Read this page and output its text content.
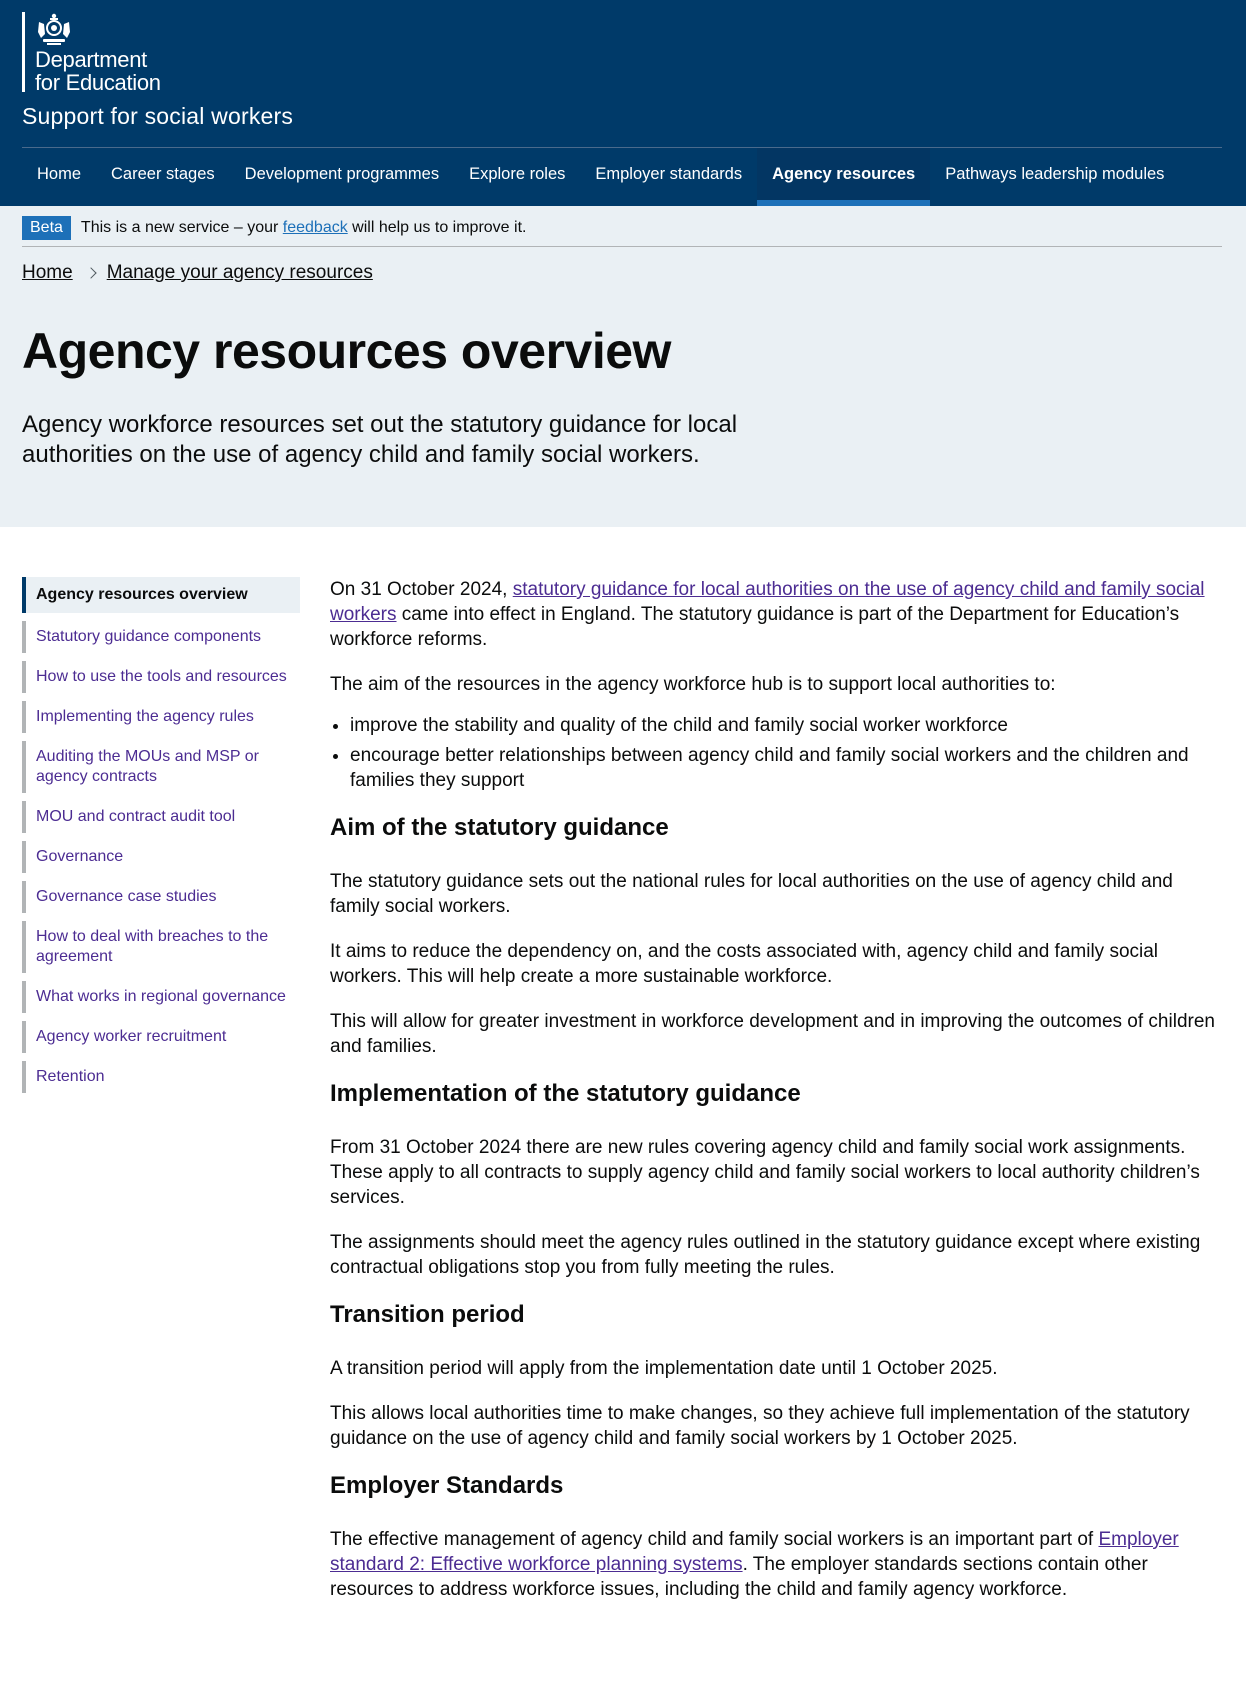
Department
for Education
Support for social workers
Home	Career stages	Development programmes	Explore roles	Employer standards	Agency resources	Pathways leadership modules
Beta	This is a new service – your feedback will help us to improve it.
Home Manage your agency resources
Agency resources overview

Agency workforce resources set out the statutory guidance for local authorities on the use of agency child and family social workers.

Agency resources overview
Statutory guidance components
How to use the tools and resources
Implementing the agency rules
Auditing the MOUs and MSP or agency contracts
MOU and contract audit tool
Governance
Governance case studies
How to deal with breaches to the agreement
What works in regional governance
Agency worker recruitment
Retention

On 31 October 2024, statutory guidance for local authorities on the use of agency child and family social workers came into effect in England. The statutory guidance is part of the Department for Education’s workforce reforms.

The aim of the resources in the agency workforce hub is to support local authorities to:

• improve the stability and quality of the child and family social worker workforce
• encourage better relationships between agency child and family social workers and the children and families they support
Aim of the statutory guidance

The statutory guidance sets out the national rules for local authorities on the use of agency child and family social workers.

It aims to reduce the dependency on, and the costs associated with, agency child and family social workers. This will help create a more sustainable workforce.

This will allow for greater investment in workforce development and in improving the outcomes of children and families.

Implementation of the statutory guidance

From 31 October 2024 there are new rules covering agency child and family social work assignments. These apply to all contracts to supply agency child and family social workers to local authority children’s services.

The assignments should meet the agency rules outlined in the statutory guidance except where existing contractual obligations stop you from fully meeting the rules.

Transition period

A transition period will apply from the implementation date until 1 October 2025.

This allows local authorities time to make changes, so they achieve full implementation of the statutory guidance on the use of agency child and family social workers by 1 October 2025.

Employer Standards

The effective management of agency child and family social workers is an important part of Employer standard 2: Effective workforce planning systems. The employer standards sections contain other resources to address workforce issues, including the child and family agency workforce.
